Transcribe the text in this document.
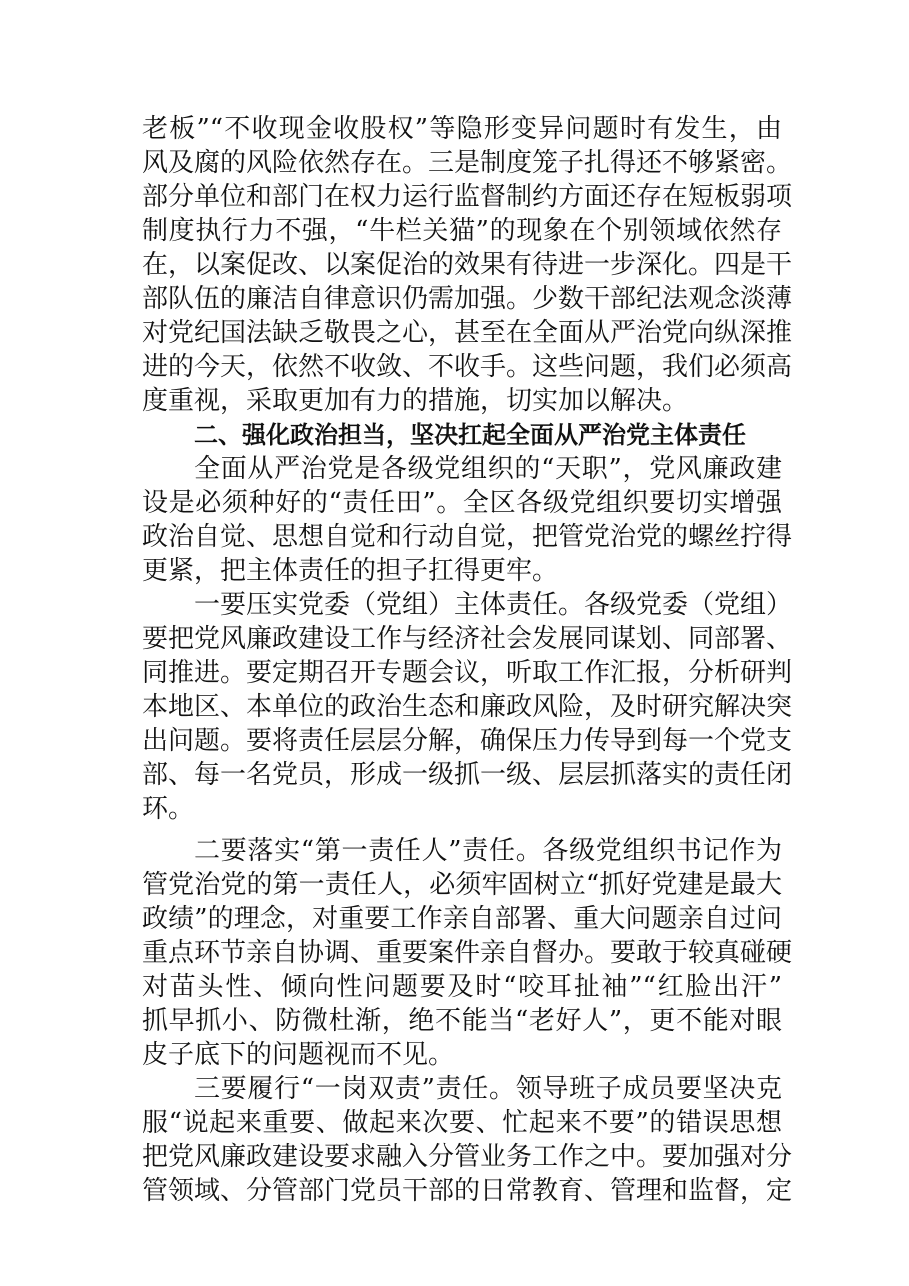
老板”“不收现金收股权”等隐形变异问题时有发生，由
风及腐的风险依然存在。三是制度笼子扎得还不够紧密。
部分单位和部门在权力运行监督制约方面还存在短板弱项
制度执行力不强，“牛栏关猫”的现象在个别领域依然存
在，以案促改、以案促治的效果有待进一步深化。四是干
部队伍的廉洁自律意识仍需加强。少数干部纪法观念淡薄
对党纪国法缺乏敬畏之心，甚至在全面从严治党向纵深推
进的今天，依然不收敛、不收手。这些问题，我们必须高
度重视，采取更加有力的措施，切实加以解决。
二、强化政治担当，坚决扛起全面从严治党主体责任
全面从严治党是各级党组织的“天职”，党风廉政建
设是必须种好的“责任田”。全区各级党组织要切实增强
政治自觉、思想自觉和行动自觉，把管党治党的螺丝拧得
更紧，把主体责任的担子扛得更牢。
一要压实党委（党组）主体责任。各级党委（党组）
要把党风廉政建设工作与经济社会发展同谋划、同部署、
同推进。要定期召开专题会议，听取工作汇报，分析研判
本地区、本单位的政治生态和廉政风险，及时研究解决突
出问题。要将责任层层分解，确保压力传导到每一个党支
部、每一名党员，形成一级抓一级、层层抓落实的责任闭
环。
二要落实“第一责任人”责任。各级党组织书记作为
管党治党的第一责任人，必须牢固树立“抓好党建是最大
政绩”的理念，对重要工作亲自部署、重大问题亲自过问
重点环节亲自协调、重要案件亲自督办。要敢于较真碰硬
对苗头性、倾向性问题要及时“咬耳扯袖”“红脸出汗”
抓早抓小、防微杜渐，绝不能当“老好人”，更不能对眼
皮子底下的问题视而不见。
三要履行“一岗双责”责任。领导班子成员要坚决克
服“说起来重要、做起来次要、忙起来不要”的错误思想
把党风廉政建设要求融入分管业务工作之中。要加强对分
管领域、分管部门党员干部的日常教育、管理和监督，定
